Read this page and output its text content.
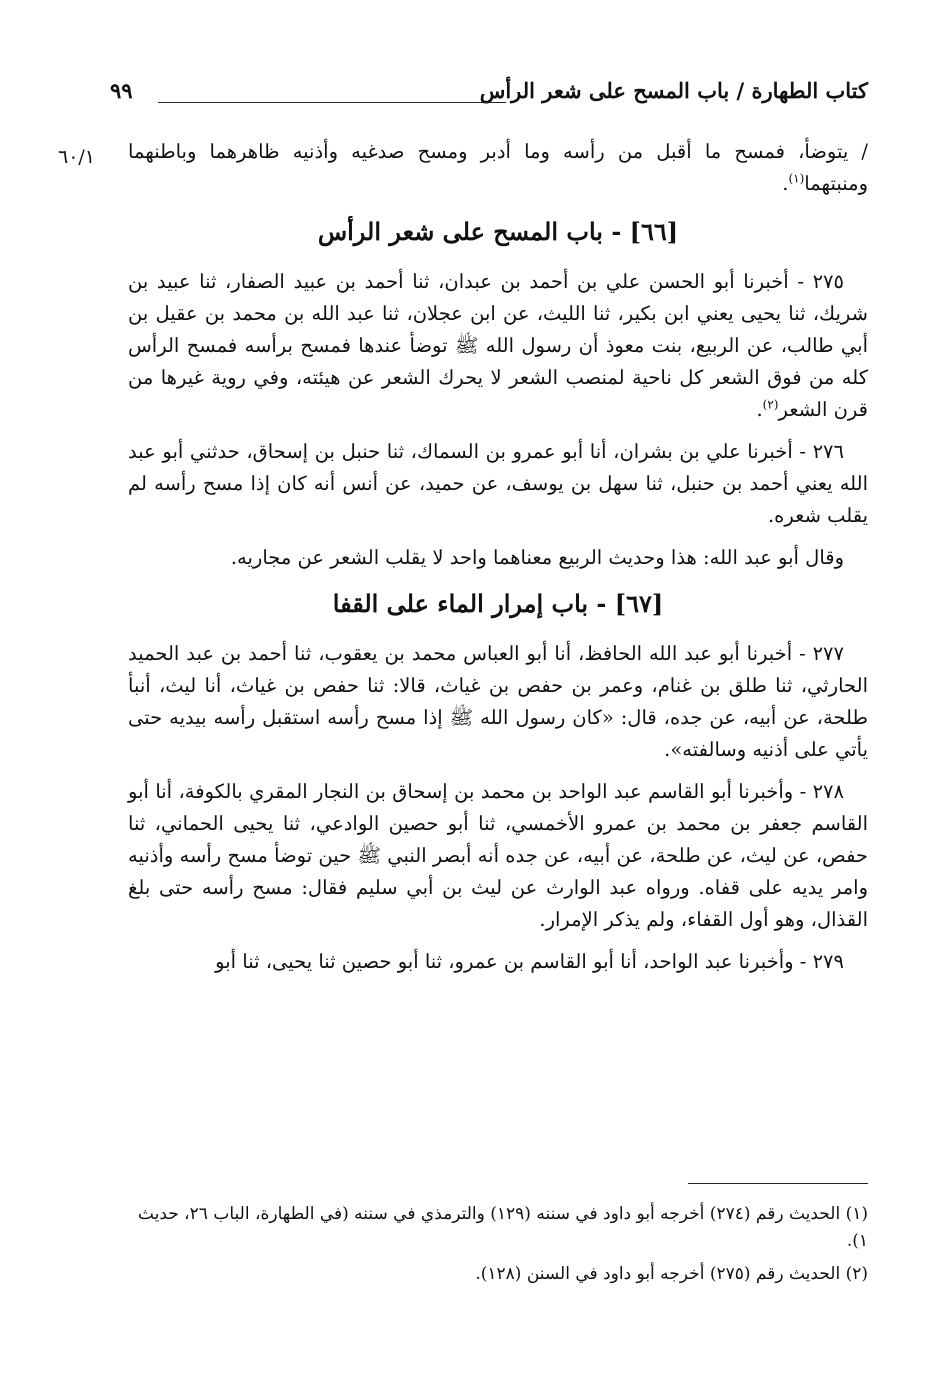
كتاب الطهارة / باب المسح على شعر الرأس
٩٩
٦٠/١ / يتوضأ، فمسح ما أقبل من رأسه وما أدبر ومسح صدغيه وأذنيه ظاهرهما وباطنهما ومنبتهما$^{(١)}$.

[٦٦] - باب المسح على شعر الرأس

٢٧٥ - أخبرنا أبو الحسن علي بن أحمد بن عبدان، ثنا أحمد بن عبيد الصفار، ثنا عبيد بن شريك، ثنا يحيى يعني ابن بكير، ثنا الليث، عن ابن عجلان، ثنا عبد الله بن محمد بن عقيل بن أبي طالب، عن الربيع، بنت معوذ أن رسول الله ﷺ توضأ عندها فمسح برأسه فمسح الرأس كله من فوق الشعر كل ناحية لمنصب الشعر لا يحرك الشعر عن هيئته، وفي روية غيرها من قرن الشعر$^{(٢)}$.

٢٧٦ - أخبرنا علي بن بشران، أنا أبو عمرو بن السماك، ثنا حنبل بن إسحاق، حدثني أبو عبد الله يعني أحمد بن حنبل، ثنا سهل بن يوسف، عن حميد، عن أنس أنه كان إذا مسح رأسه لم يقلب شعره.

وقال أبو عبد الله: هذا وحديث الربيع معناهما واحد لا يقلب الشعر عن مجاريه.

[٦٧] - باب إمرار الماء على القفا

٢٧٧ - أخبرنا أبو عبد الله الحافظ، أنا أبو العباس محمد بن يعقوب، ثنا أحمد بن عبد الحميد الحارثي، ثنا طلق بن غنام، وعمر بن حفص بن غياث، قالا: ثنا حفص بن غياث، أنا ليث، أنبأ طلحة، عن أبيه، عن جده، قال: «كان رسول الله ﷺ إذا مسح رأسه استقبل رأسه بيديه حتى يأتي على أذنيه وسالفته».

٢٧٨ - وأخبرنا أبو القاسم عبد الواحد بن محمد بن إسحاق بن النجار المقري بالكوفة، أنا أبو القاسم جعفر بن محمد بن عمرو الأخمسي، ثنا أبو حصين الوادعي، ثنا يحيى الحماني، ثنا حفص، عن ليث، عن طلحة، عن أبيه، عن جده أنه أبصر النبي ﷺ حين توضأ مسح رأسه وأذنيه وامر يديه على قفاه. ورواه عبد الوارث عن ليث بن أبي سليم فقال: مسح رأسه حتى بلغ القذال، وهو أول القفاء، ولم يذكر الإمرار.

٢٧٩ - وأخبرنا عبد الواحد، أنا أبو القاسم بن عمرو، ثنا أبو حصين ثنا يحيى، ثنا أبو

(١) الحديث رقم (٢٧٤) أخرجه أبو داود في سننه (١٢٩) والترمذي في سننه (في الطهارة، الباب ٢٦، حديث ١).

(٢) الحديث رقم (٢٧٥) أخرجه أبو داود في السنن (١٢٨).
